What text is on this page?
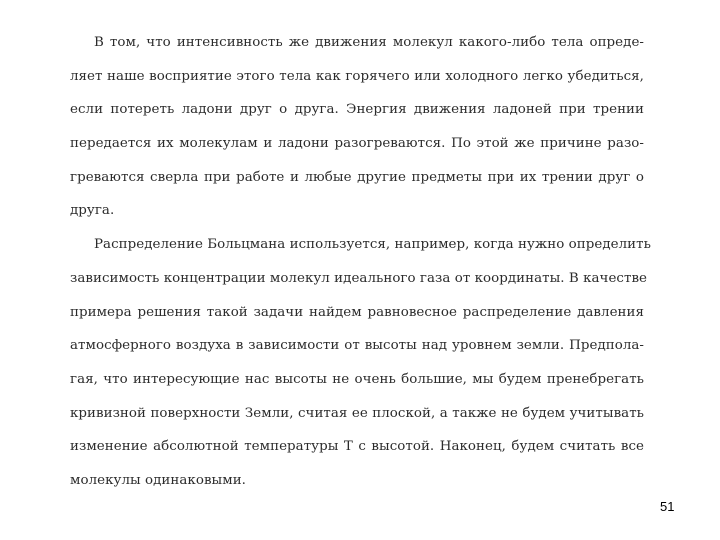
В том, что интенсивность же движения молекул какого-либо тела опреде-
ляет наше восприятие этого тела как горячего или холодного легко убедиться,
если потереть ладони друг о друга. Энергия движения ладоней при трении
передается их молекулам и ладони разогреваются. По этой же причине разо-
греваются сверла при работе и любые другие предметы при их трении друг о
друга.
Распределение Больцмана используется, например, когда нужно определить
зависимость концентрации молекул идеального газа от координаты. В качестве
примера решения такой задачи найдем равновесное распределение давления
атмосферного воздуха в зависимости от высоты над уровнем земли. Предпола-
гая, что интересующие нас высоты не очень большие, мы будем пренебрегать
кривизной поверхности Земли, считая ее плоской, а также не будем учитывать
изменение абсолютной температуры T с высотой. Наконец, будем считать все
молекулы одинаковыми.
51
